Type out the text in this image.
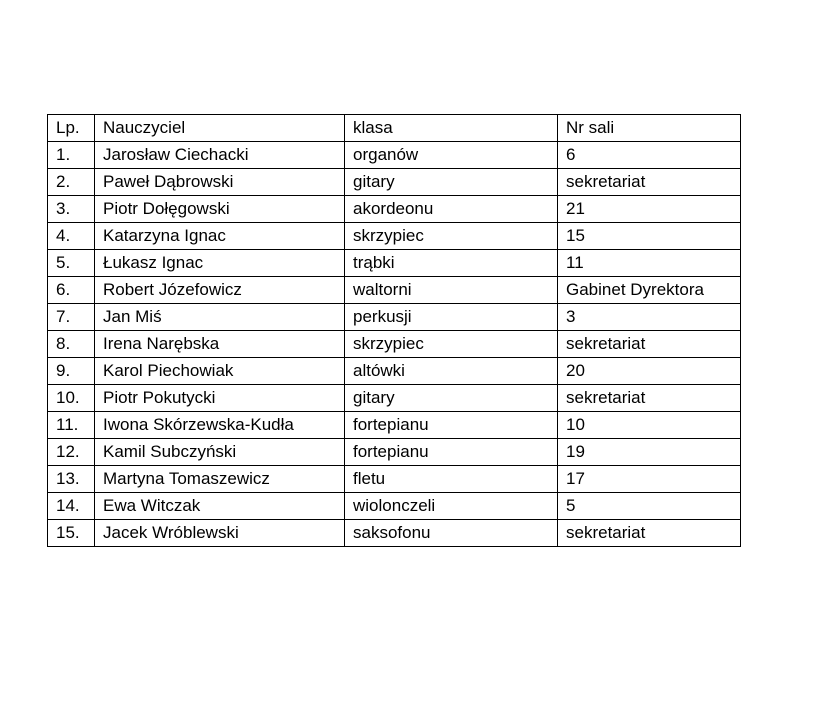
Lp.	Nauczyciel	klasa	Nr sali
1.	Jarosław Ciechacki	organów	6
2.	Paweł Dąbrowski	gitary	sekretariat
3.	Piotr Dołęgowski	akordeonu	21
4.	Katarzyna Ignac	skrzypiec	15
5.	Łukasz Ignac	trąbki	11
6.	Robert Józefowicz	waltorni	Gabinet Dyrektora
7.	Jan Miś	perkusji	3
8.	Irena Narębska	skrzypiec	sekretariat
9.	Karol Piechowiak	altówki	20
10.	Piotr Pokutycki	gitary	sekretariat
11.	Iwona Skórzewska-Kudła	fortepianu	10
12.	Kamil Subczyński	fortepianu	19
13.	Martyna Tomaszewicz	fletu	17
14.	Ewa Witczak	wiolonczeli	5
15.	Jacek Wróblewski	saksofonu	sekretariat
